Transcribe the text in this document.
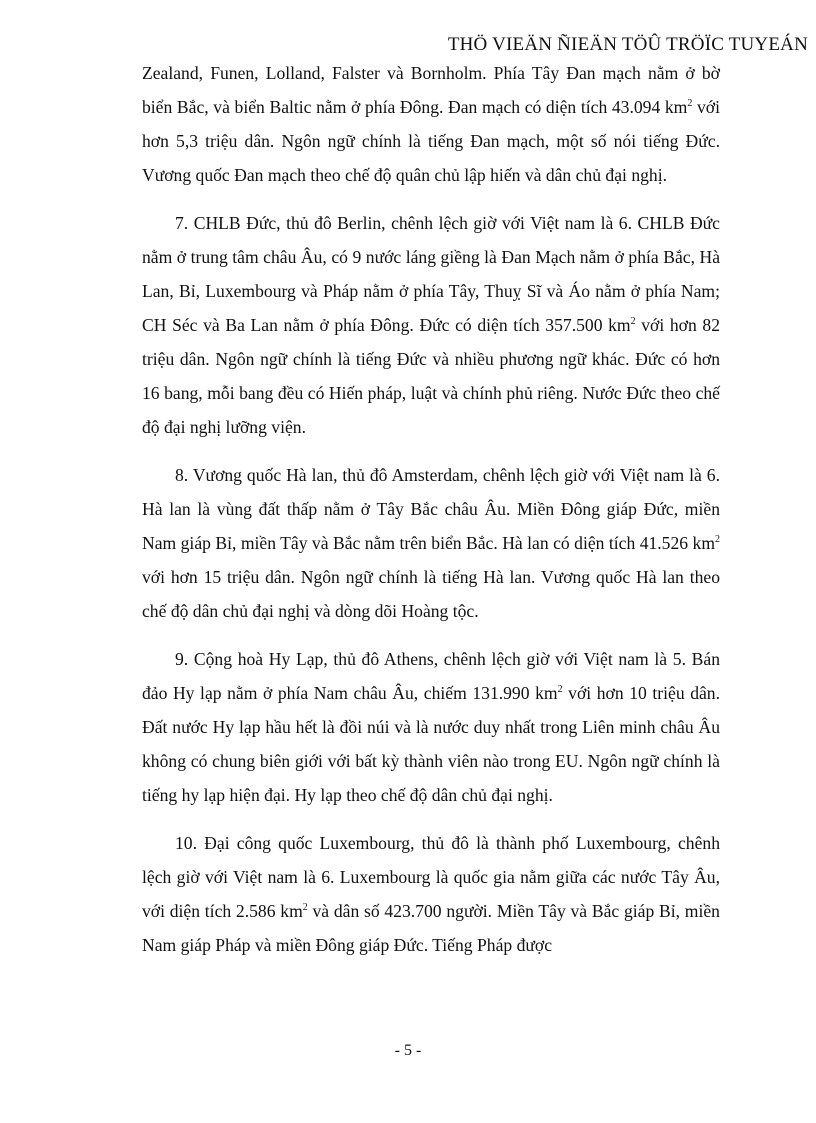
THÖ VIEÄN ÑIEÄN TÖÛ TRÖÏC TUYEÁN

Zealand, Funen, Lolland, Falster và Bornholm. Phía Tây Đan mạch nằm ở bờ biển Bắc, và biển Baltic nằm ở phía Đông. Đan mạch có diện tích 43.094 $km^2$ với hơn 5,3 triệu dân. Ngôn ngữ chính là tiếng Đan mạch, một số nói tiếng Đức. Vương quốc Đan mạch theo chế độ quân chủ lập hiến và dân chủ đại nghị.

7. CHLB Đức, thủ đô Berlin, chênh lệch giờ với Việt nam là 6. CHLB Đức nằm ở trung tâm châu Âu, có 9 nước láng giềng là Đan Mạch nằm ở phía Bắc, Hà Lan, Bỉ, Luxembourg và Pháp nằm ở phía Tây, Thuỵ Sĩ và Áo nằm ở phía Nam; CH Séc và Ba Lan nằm ở phía Đông. Đức có diện tích 357.500 $km^2$ với hơn 82 triệu dân. Ngôn ngữ chính là tiếng Đức và nhiều phương ngữ khác. Đức có hơn 16 bang, mỗi bang đều có Hiến pháp, luật và chính phủ riêng. Nước Đức theo chế độ đại nghị lưỡng viện.

8. Vương quốc Hà lan, thủ đô Amsterdam, chênh lệch giờ với Việt nam là 6. Hà lan là vùng đất thấp nằm ở Tây Bắc châu Âu. Miền Đông giáp Đức, miền Nam giáp Bỉ, miền Tây và Bắc nằm trên biển Bắc. Hà lan có diện tích 41.526 $km^2$ với hơn 15 triệu dân. Ngôn ngữ chính là tiếng Hà lan. Vương quốc Hà lan theo chế độ dân chủ đại nghị và dòng dõi Hoàng tộc.

9. Cộng hoà Hy Lạp, thủ đô Athens, chênh lệch giờ với Việt nam là 5. Bán đảo Hy lạp nằm ở phía Nam châu Âu, chiếm 131.990 $km^2$ với hơn 10 triệu dân. Đất nước Hy lạp hầu hết là đồi núi và là nước duy nhất trong Liên minh châu Âu không có chung biên giới với bất kỳ thành viên nào trong EU. Ngôn ngữ chính là tiếng hy lạp hiện đại. Hy lạp theo chế độ dân chủ đại nghị.

10. Đại công quốc Luxembourg, thủ đô là thành phố Luxembourg, chênh lệch giờ với Việt nam là 6. Luxembourg là quốc gia nằm giữa các nước Tây Âu, với diện tích 2.586 $km^2$ và dân số 423.700 người. Miền Tây và Bắc giáp Bỉ, miền Nam giáp Pháp và miền Đông giáp Đức. Tiếng Pháp được

- 5 -
